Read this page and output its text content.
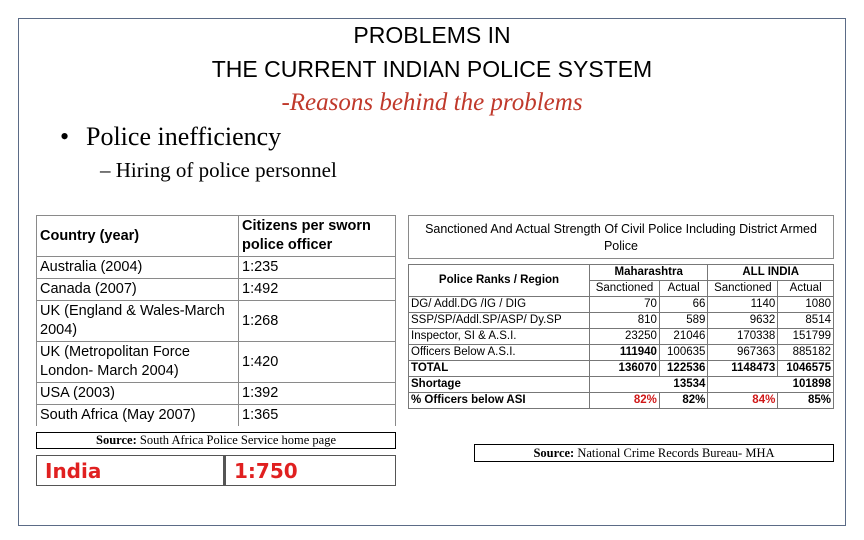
PROBLEMS IN
THE CURRENT INDIAN POLICE SYSTEM
-Reasons behind the problems
• Police inefficiency
– Hiring of police personnel
Country (year)	Citizens per sworn police officer
Australia (2004)	1:235
Canada (2007)	1:492
UK (England & Wales-March 2004)	1:268
UK (Metropolitan Force London- March 2004)	1:420
USA (2003)	1:392
South Africa (May 2007)	1:365
Source: South Africa Police Service home page
India	1:750
Sanctioned And Actual Strength Of Civil Police Including District Armed Police
Police Ranks / Region	Maharashtra		ALL INDIA	
	Sanctioned	Actual	Sanctioned	Actual
DG/ Addl.DG /IG / DIG	70	66	1140	1080
SSP/SP/Addl.SP/ASP/ Dy.SP	810	589	9632	8514
Inspector, SI & A.S.I.	23250	21046	170338	151799
Officers Below A.S.I.	111940	100635	967363	885182
TOTAL	136070	122536	1148473	1046575
Shortage	13534		101898	
% Officers below ASI	82%	82%	84%	85%
Source: National Crime Records Bureau- MHA
